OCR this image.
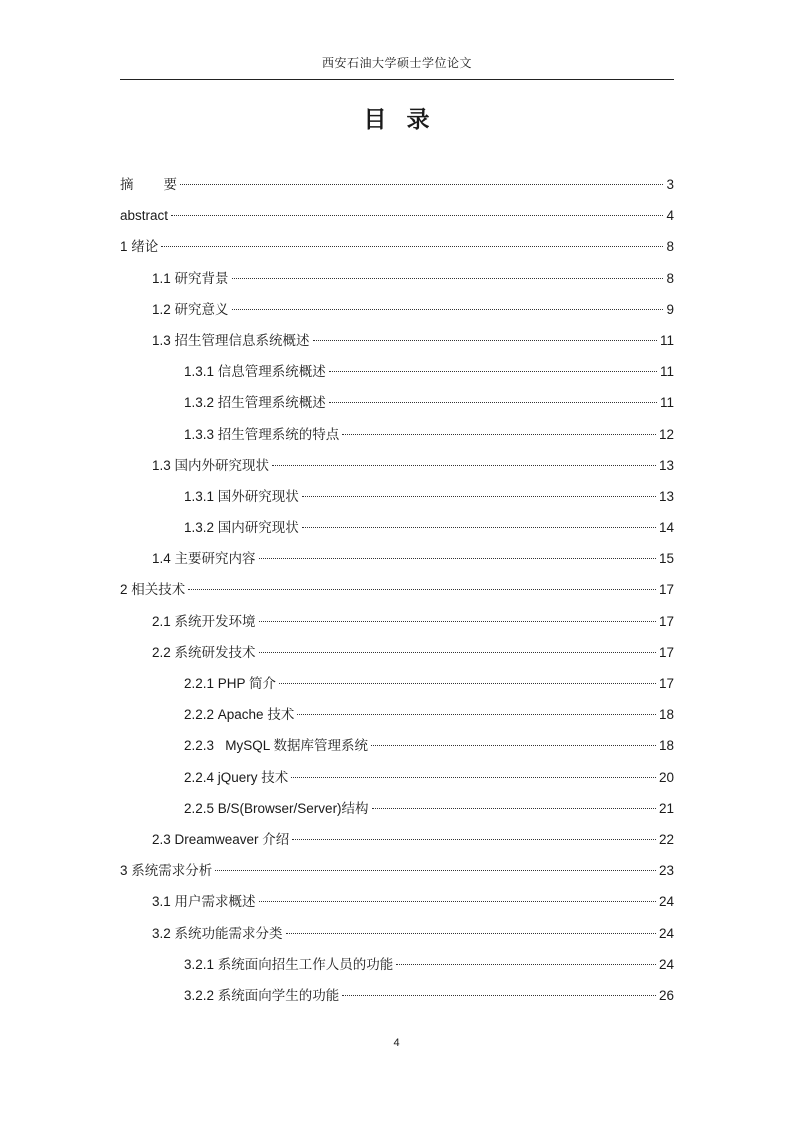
西安石油大学硕士学位论文
目 录
摘        要	3
abstract	4
1 绪论	8
1.1 研究背景	8
1.2 研究意义	9
1.3 招生管理信息系统概述	11
1.3.1 信息管理系统概述	11
1.3.2 招生管理系统概述	11
1.3.3 招生管理系统的特点	12
1.3 国内外研究现状	13
1.3.1 国外研究现状	13
1.3.2 国内研究现状	14
1.4 主要研究内容	15
2 相关技术	17
2.1 系统开发环境	17
2.2 系统研发技术	17
2.2.1 PHP 简介	17
2.2.2 Apache 技术	18
2.2.3 MySQL 数据库管理系统	18
2.2.4 jQuery 技术	20
2.2.5 B/S(Browser/Server)结构	21
2.3 Dreamweaver 介绍	22
3 系统需求分析	23
3.1 用户需求概述	24
3.2 系统功能需求分类	24
3.2.1 系统面向招生工作人员的功能	24
3.2.2 系统面向学生的功能	26
4
